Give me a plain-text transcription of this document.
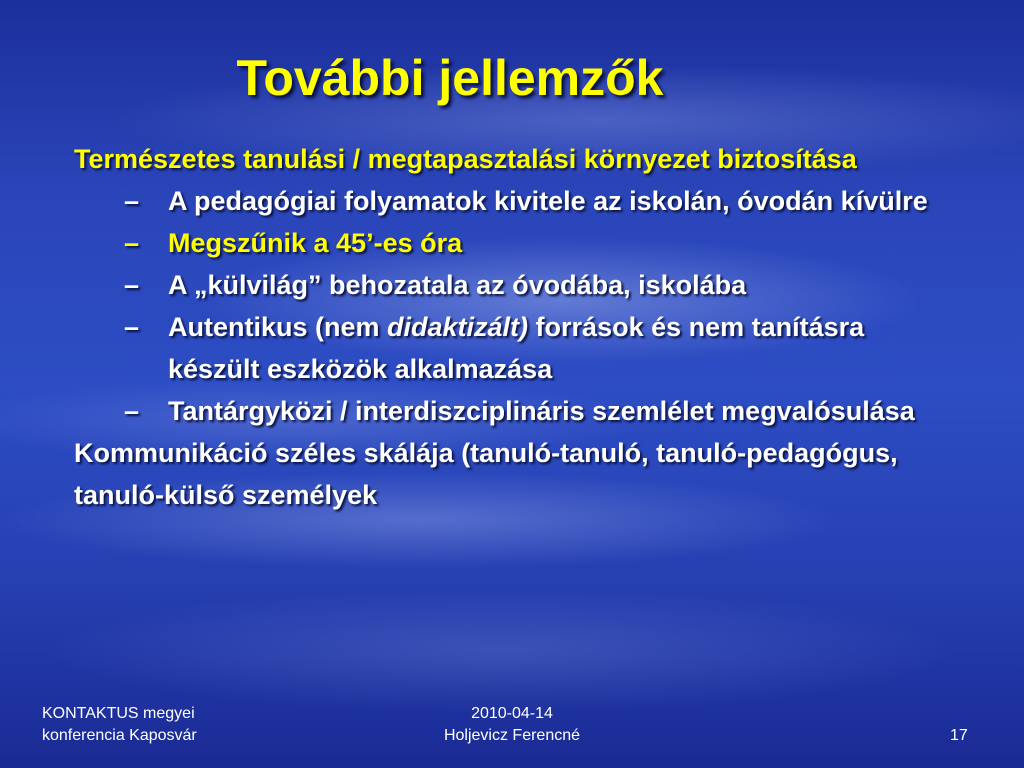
További jellemzők

Természetes tanulási / megtapasztalási környezet biztosítása

– A pedagógiai folyamatok kivitele az iskolán, óvodán kívülre

– Megszűnik a 45’-es óra

– A „külvilág” behozatala az óvodába, iskolába

– Autentikus (nem didaktizált) források és nem tanításra készült eszközök alkalmazása

– Tantárgyközi / interdiszciplináris szemlélet megvalósulása

Kommunikáció széles skálája (tanuló-tanuló, tanuló-pedagógus, tanuló-külső személyek

KONTAKTUS megyei
konferencia Kaposvár
2010-04-14
Holjevicz Ferencné	17
